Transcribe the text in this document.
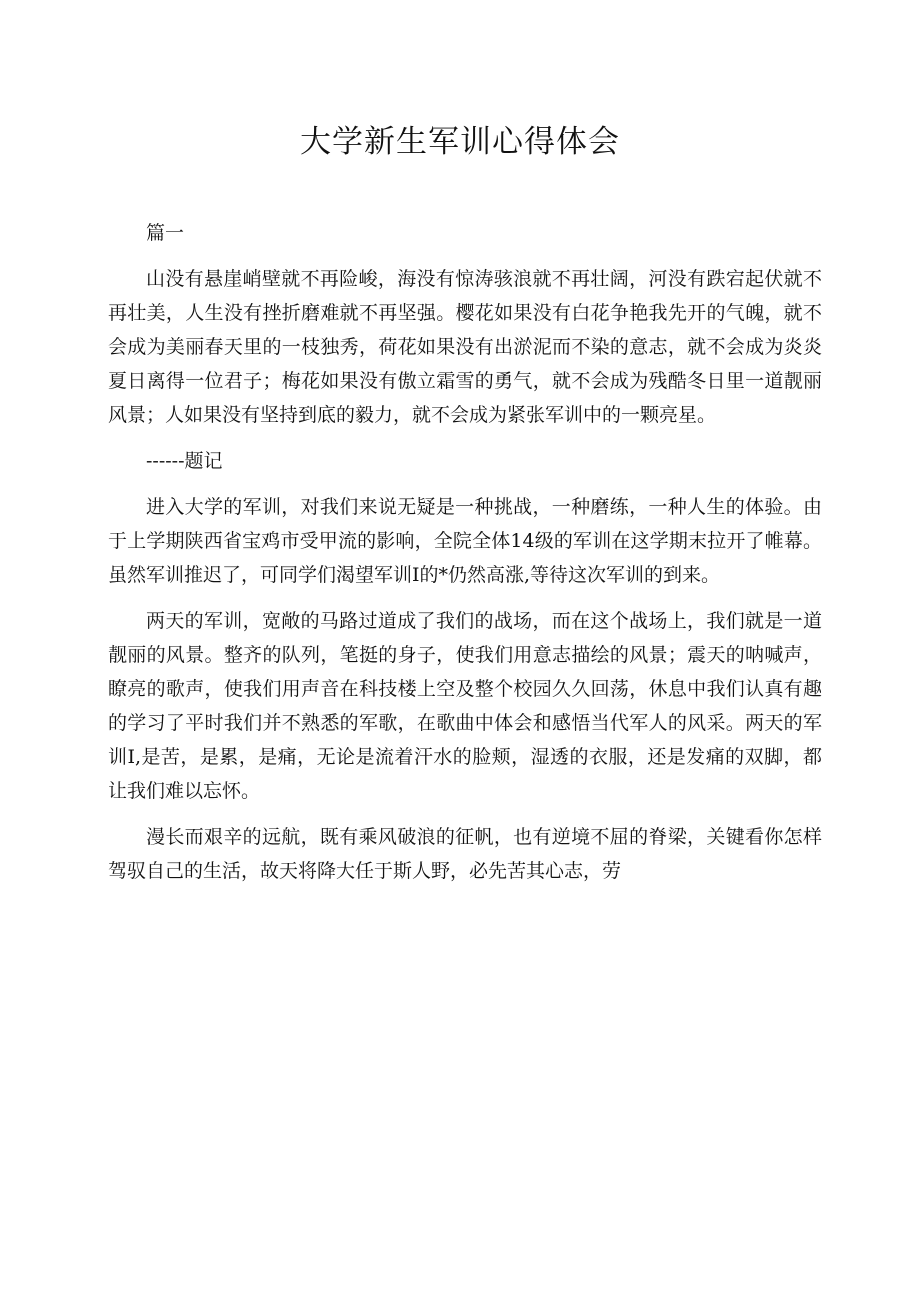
大学新生军训心得体会

篇一

山没有悬崖峭壁就不再险峻，海没有惊涛骇浪就不再壮阔，河没有跌宕起伏就不再壮美，人生没有挫折磨难就不再坚强。樱花如果没有白花争艳我先开的气魄，就不会成为美丽春天里的一枝独秀，荷花如果没有出淤泥而不染的意志，就不会成为炎炎夏日离得一位君子；梅花如果没有傲立霜雪的勇气，就不会成为残酷冬日里一道靓丽风景；人如果没有坚持到底的毅力，就不会成为紧张军训中的一颗亮星。

------题记

进入大学的军训，对我们来说无疑是一种挑战，一种磨练，一种人生的体验。由于上学期陕西省宝鸡市受甲流的影响，全院全体14级的军训在这学期末拉开了帷幕。虽然军训推迟了，可同学们渴望军训I的*仍然高涨,等待这次军训的到来。

两天的军训，宽敞的马路过道成了我们的战场，而在这个战场上，我们就是一道靓丽的风景。整齐的队列，笔挺的身子，使我们用意志描绘的风景；震天的呐喊声，瞭亮的歌声，使我们用声音在科技楼上空及整个校园久久回荡，休息中我们认真有趣的学习了平时我们并不熟悉的军歌，在歌曲中体会和感悟当代军人的风采。两天的军训I,是苦，是累，是痛，无论是流着汗水的脸颊，湿透的衣服，还是发痛的双脚，都让我们难以忘怀。

漫长而艰辛的远航，既有乘风破浪的征帆，也有逆境不屈的脊梁，关键看你怎样驾驭自己的生活，故天将降大任于斯人野，必先苦其心志，劳
